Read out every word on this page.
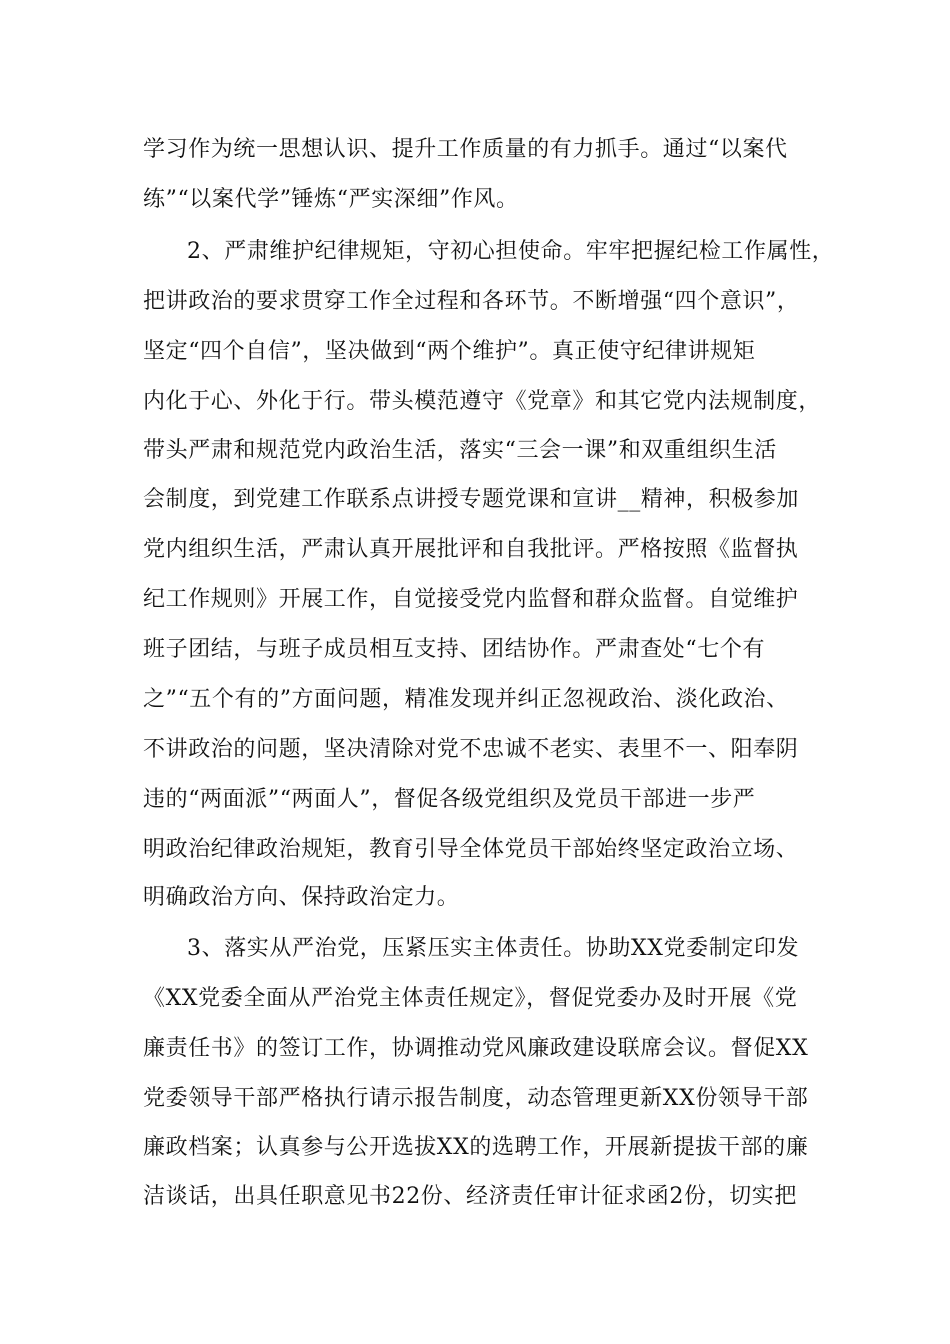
学习作为统一思想认识、提升工作质量的有力抓手。通过“以案代
练”“以案代学”锤炼“严实深细”作风。
2、严肃维护纪律规矩，守初心担使命。牢牢把握纪检工作属性，
把讲政治的要求贯穿工作全过程和各环节。不断增强“四个意识”，
坚定“四个自信”，坚决做到“两个维护”。真正使守纪律讲规矩
内化于心、外化于行。带头模范遵守《党章》和其它党内法规制度，
带头严肃和规范党内政治生活，落实“三会一课”和双重组织生活
会制度，到党建工作联系点讲授专题党课和宣讲__精神，积极参加
党内组织生活，严肃认真开展批评和自我批评。严格按照《监督执
纪工作规则》开展工作，自觉接受党内监督和群众监督。自觉维护
班子团结，与班子成员相互支持、团结协作。严肃查处“七个有
之”“五个有的”方面问题，精准发现并纠正忽视政治、淡化政治、
不讲政治的问题，坚决清除对党不忠诚不老实、表里不一、阳奉阴
违的“两面派”“两面人”，督促各级党组织及党员干部进一步严
明政治纪律政治规矩，教育引导全体党员干部始终坚定政治立场、
明确政治方向、保持政治定力。
3、落实从严治党，压紧压实主体责任。协助XX党委制定印发
《XX党委全面从严治党主体责任规定》，督促党委办及时开展《党
廉责任书》的签订工作，协调推动党风廉政建设联席会议。督促XX
党委领导干部严格执行请示报告制度，动态管理更新XX份领导干部
廉政档案；认真参与公开选拔XX的选聘工作，开展新提拔干部的廉
洁谈话，出具任职意见书22份、经济责任审计征求函2份，切实把
